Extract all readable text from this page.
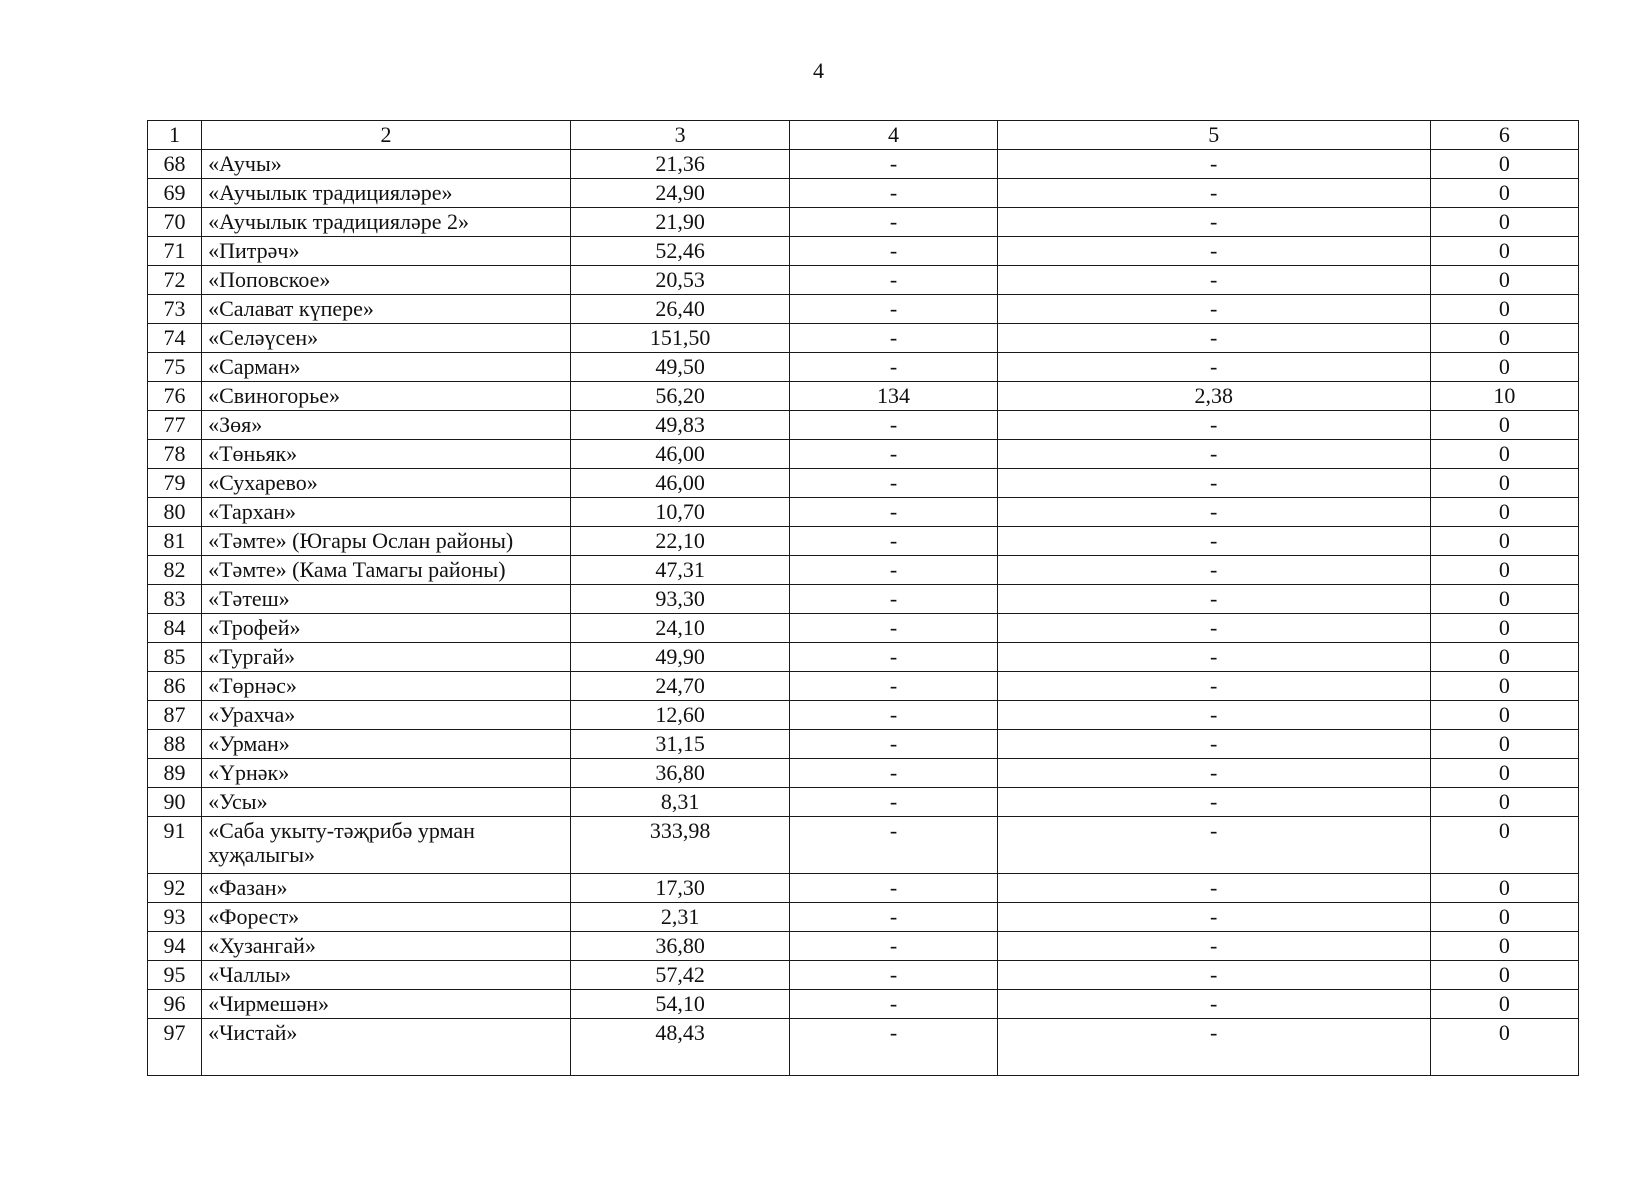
4
1	2	3	4	5	6
68	«Аучы»	21,36	-	-	0
69	«Аучылык традицияләре»	24,90	-	-	0
70	«Аучылык традицияләре 2»	21,90	-	-	0
71	«Питрәч»	52,46	-	-	0
72	«Поповское»	20,53	-	-	0
73	«Салават күпере»	26,40	-	-	0
74	«Селәүсен»	151,50	-	-	0
75	«Сарман»	49,50	-	-	0
76	«Свиногорье»	56,20	134	2,38	10
77	«Зөя»	49,83	-	-	0
78	«Төньяк»	46,00	-	-	0
79	«Сухарево»	46,00	-	-	0
80	«Тархан»	10,70	-	-	0
81	«Тәмте» (Югары Ослан районы)	22,10	-	-	0
82	«Тәмте» (Кама Тамагы районы)	47,31	-	-	0
83	«Тәтеш»	93,30	-	-	0
84	«Трофей»	24,10	-	-	0
85	«Тургай»	49,90	-	-	0
86	«Төрнәс»	24,70	-	-	0
87	«Урахча»	12,60	-	-	0
88	«Урман»	31,15	-	-	0
89	«Үрнәк»	36,80	-	-	0
90	«Усы»	8,31	-	-	0
91	«Саба укыту-тәҗрибә урман хуҗалыгы»	333,98	-	-	0
92	«Фазан»	17,30	-	-	0
93	«Форест»	2,31	-	-	0
94	«Хузангай»	36,80	-	-	0
95	«Чаллы»	57,42	-	-	0
96	«Чирмешән»	54,10	-	-	0
97	«Чистай»	48,43	-	-	0
